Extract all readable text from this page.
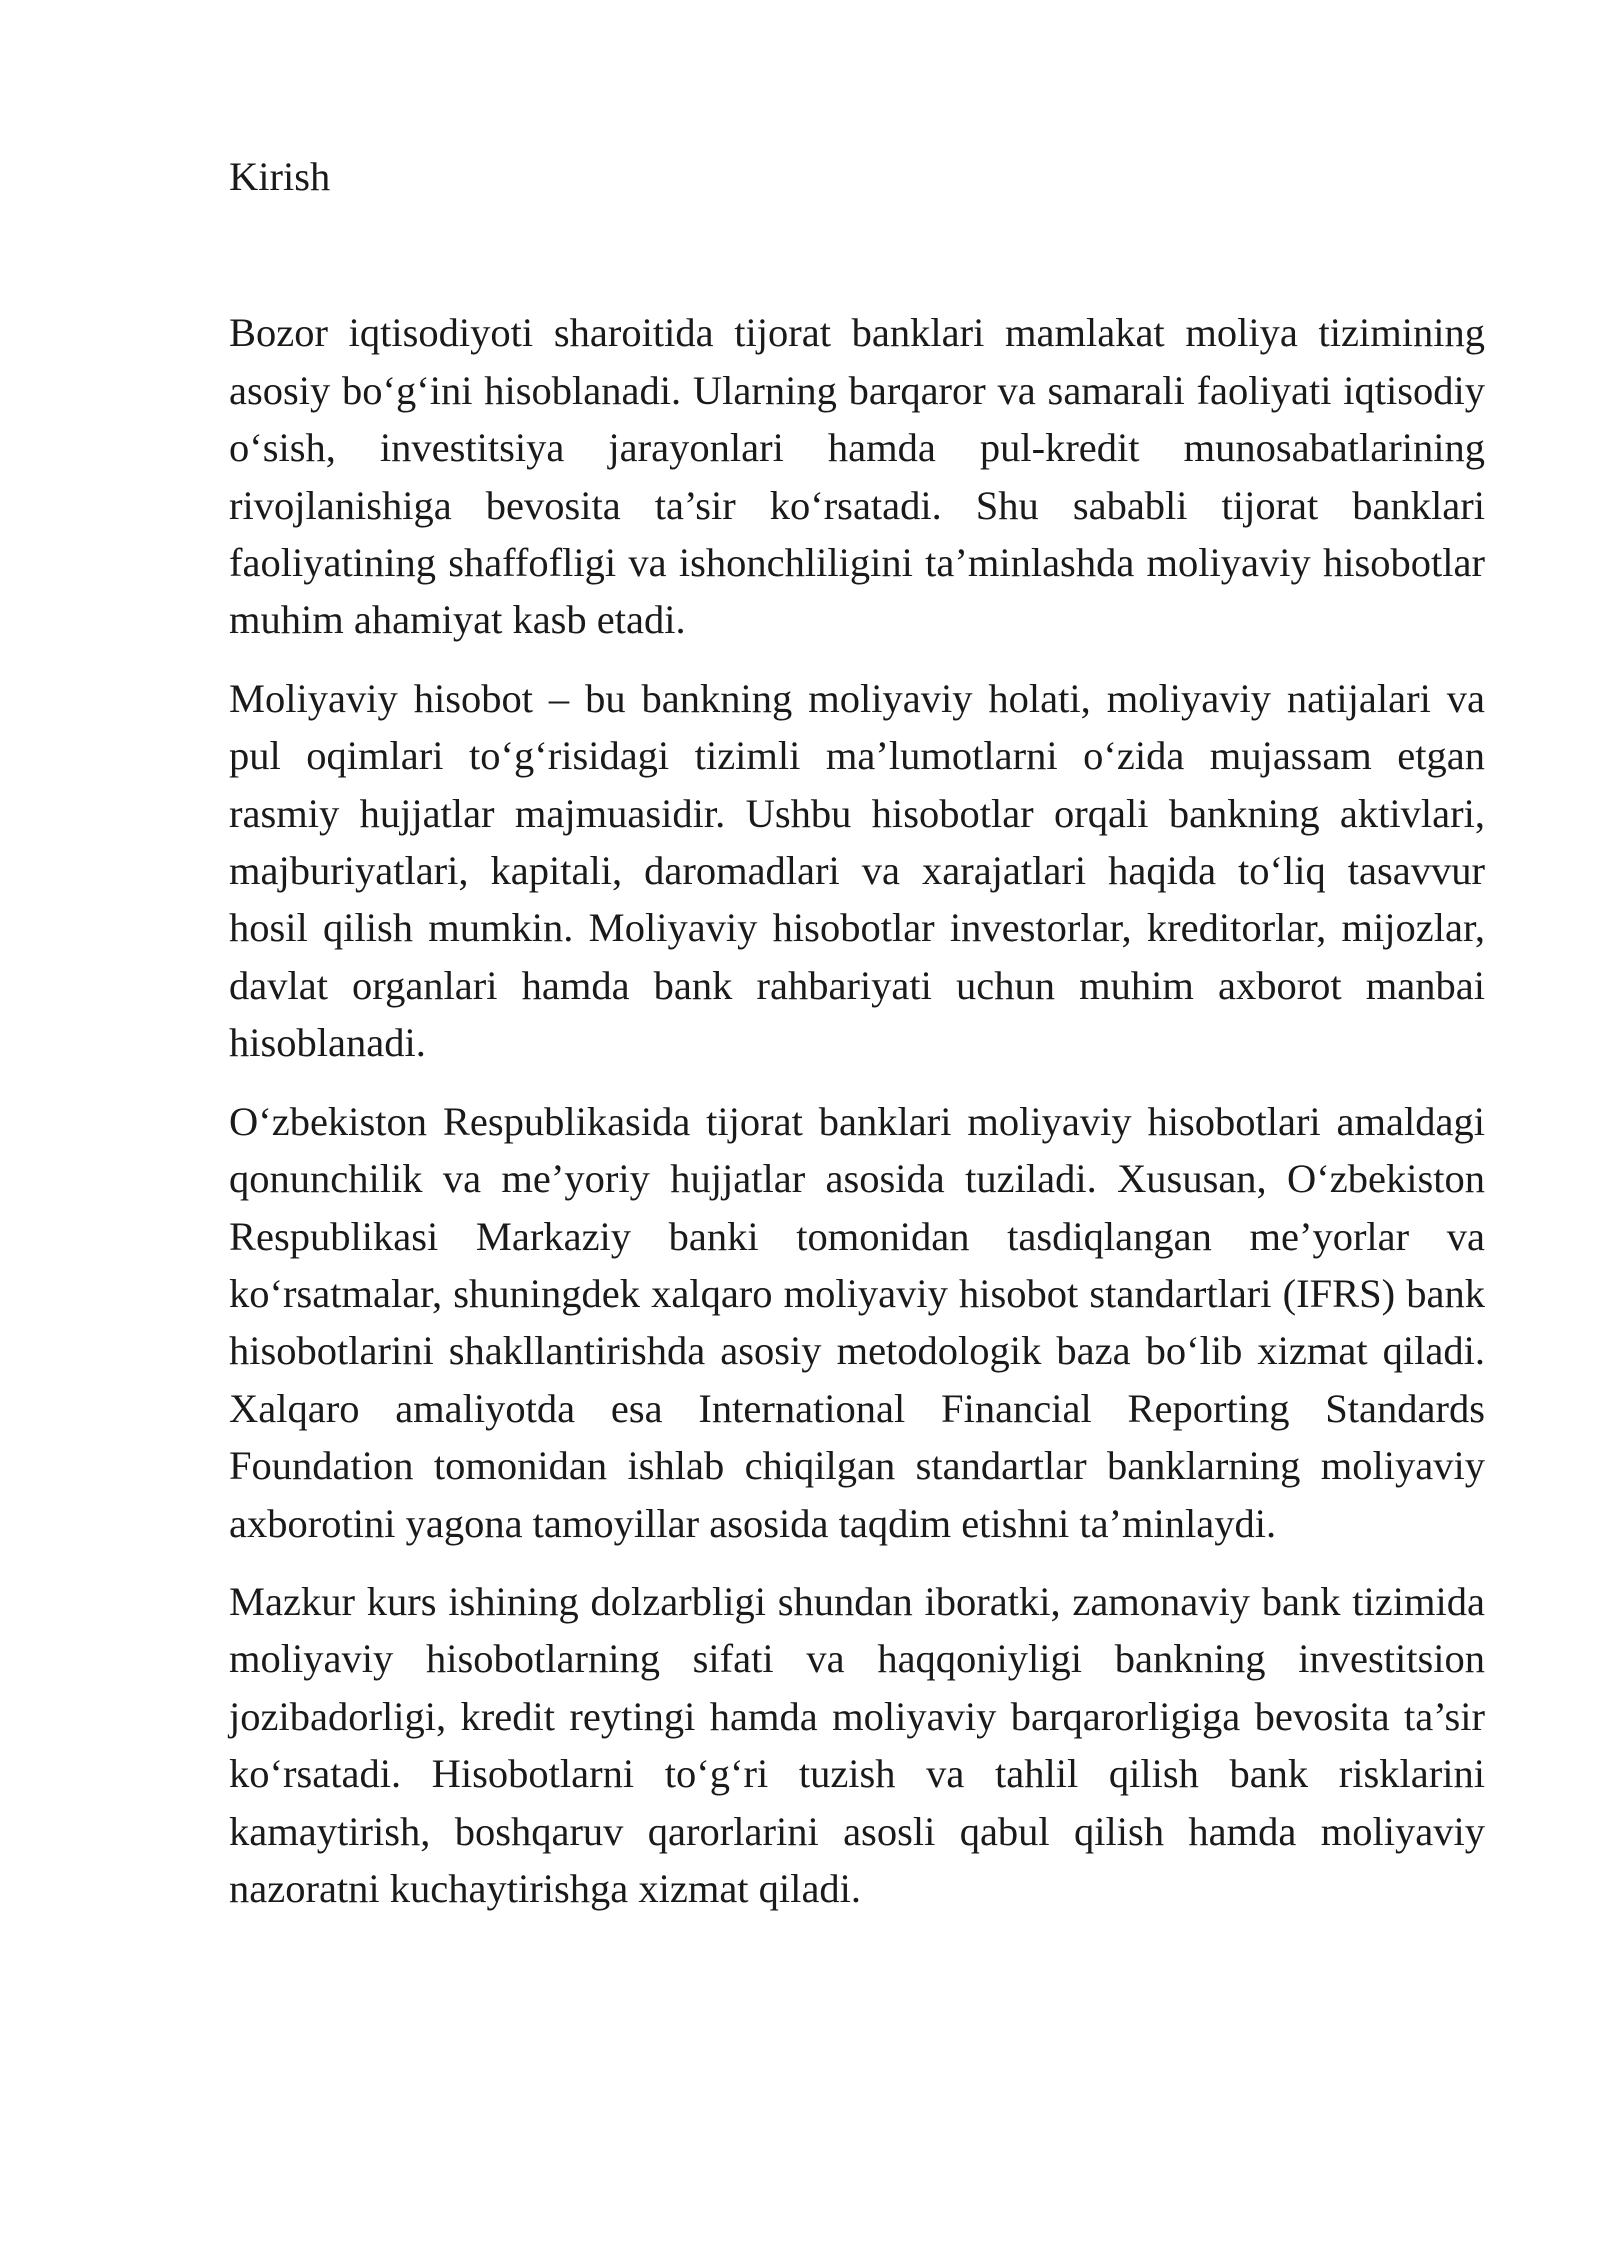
Kirish

Bozor iqtisodiyoti sharoitida tijorat banklari mamlakat moliya tizimining asosiy bo‘g‘ini hisoblanadi. Ularning barqaror va samarali faoliyati iqtisodiy o‘sish, investitsiya jarayonlari hamda pul-kredit munosabatlarining rivojlanishiga bevosita ta’sir ko‘rsatadi. Shu sababli tijorat banklari faoliyatining shaffofligi va ishonchliligini ta’minlashda moliyaviy hisobotlar muhim ahamiyat kasb etadi.

Moliyaviy hisobot – bu bankning moliyaviy holati, moliyaviy natijalari va pul oqimlari to‘g‘risidagi tizimli ma’lumotlarni o‘zida mujassam etgan rasmiy hujjatlar majmuasidir. Ushbu hisobotlar orqali bankning aktivlari, majburiyatlari, kapitali, daromadlari va xarajatlari haqida to‘liq tasavvur hosil qilish mumkin. Moliyaviy hisobotlar investorlar, kreditorlar, mijozlar, davlat organlari hamda bank rahbariyati uchun muhim axborot manbai hisoblanadi.

O‘zbekiston Respublikasida tijorat banklari moliyaviy hisobotlari amaldagi qonunchilik va me’yoriy hujjatlar asosida tuziladi. Xususan, O‘zbekiston Respublikasi Markaziy banki tomonidan tasdiqlangan me’yorlar va ko‘rsatmalar, shuningdek xalqaro moliyaviy hisobot standartlari (IFRS) bank hisobotlarini shakllantirishda asosiy metodologik baza bo‘lib xizmat qiladi. Xalqaro amaliyotda esa International Financial Reporting Standards Foundation tomonidan ishlab chiqilgan standartlar banklarning moliyaviy axborotini yagona tamoyillar asosida taqdim etishni ta’minlaydi.

Mazkur kurs ishining dolzarbligi shundan iboratki, zamonaviy bank tizimida moliyaviy hisobotlarning sifati va haqqoniyligi bankning investitsion jozibadorligi, kredit reytingi hamda moliyaviy barqarorligiga bevosita ta’sir ko‘rsatadi. Hisobotlarni to‘g‘ri tuzish va tahlil qilish bank risklarini kamaytirish, boshqaruv qarorlarini asosli qabul qilish hamda moliyaviy nazoratni kuchaytirishga xizmat qiladi.
